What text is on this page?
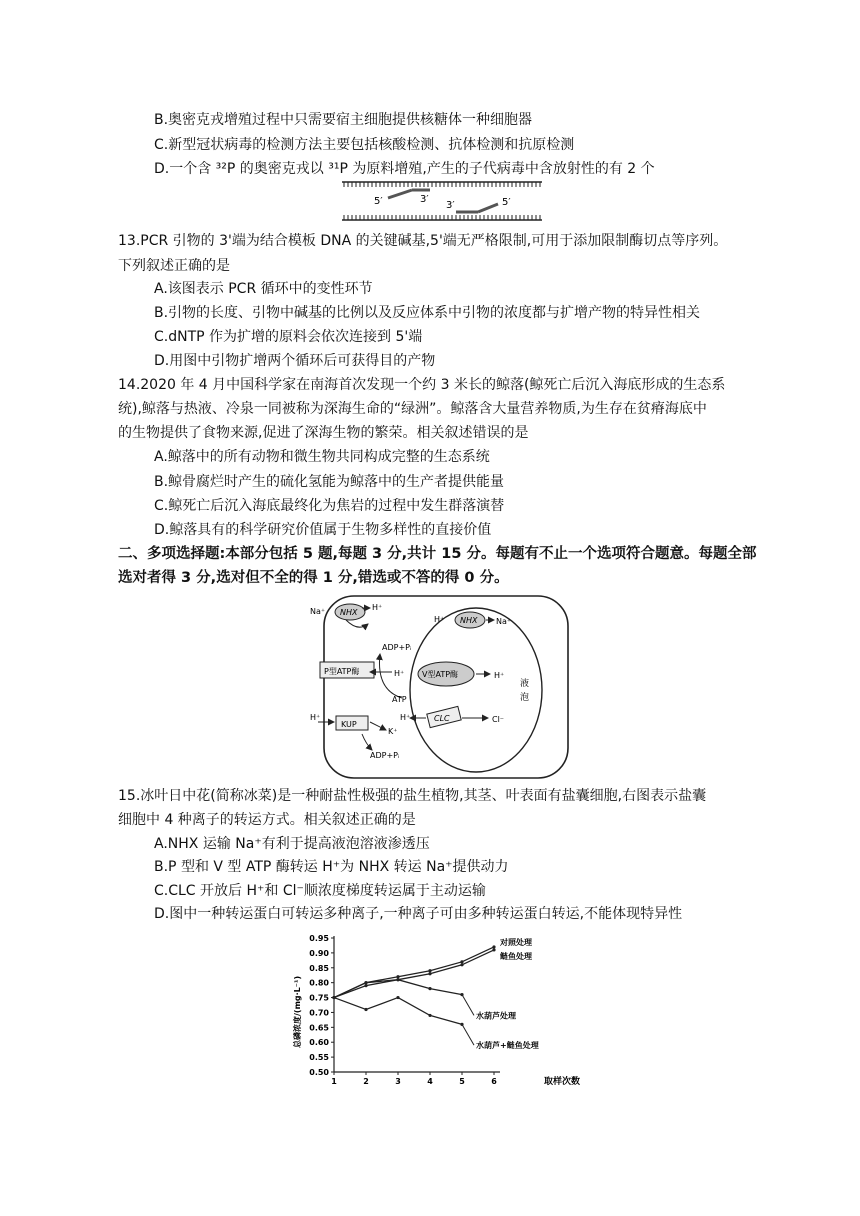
B.奥密克戎增殖过程中只需要宿主细胞提供核糖体一种细胞器
C.新型冠状病毒的检测方法主要包括核酸检测、抗体检测和抗原检测
D.一个含 ³²P 的奥密克戎以 ³¹P 为原料增殖,产生的子代病毒中含放射性的有 2 个
5′	3′
3′	5′
13.PCR 引物的 3'端为结合模板 DNA 的关键碱基,5'端无严格限制,可用于添加限制酶切点等序列。
下列叙述正确的是
A.该图表示 PCR 循环中的变性环节
B.引物的长度、引物中碱基的比例以及反应体系中引物的浓度都与扩增产物的特异性相关
C.dNTP 作为扩增的原料会依次连接到 5'端
D.用图中引物扩增两个循环后可获得目的产物
14.2020 年 4 月中国科学家在南海首次发现一个约 3 米长的鲸落(鲸死亡后沉入海底形成的生态系
统),鲸落与热液、冷泉一同被称为深海生命的“绿洲”。鲸落含大量营养物质,为生存在贫瘠海底中
的生物提供了食物来源,促进了深海生物的繁荣。相关叙述错误的是
A.鲸落中的所有动物和微生物共同构成完整的生态系统
B.鲸骨腐烂时产生的硫化氢能为鲸落中的生产者提供能量
C.鲸死亡后沉入海底最终化为焦岩的过程中发生群落演替
D.鲸落具有的科学研究价值属于生物多样性的直接价值
二、多项选择题:本部分包括 5 题,每题 3 分,共计 15 分。每题有不止一个选项符合题意。每题全部
选对者得 3 分,选对但不全的得 1 分,错选或不答的得 0 分。
NHX
Na⁺	H⁺
NHX
H⁺	Na⁺
ADP+Pᵢ
P型ATP酶	H⁺
ATP
V型ATP酶	H⁺
液
泡
H⁺
KUP
K⁺
ADP+Pᵢ
H⁺	CLC	Cl⁻
15.冰叶日中花(简称冰菜)是一种耐盐性极强的盐生植物,其茎、叶表面有盐囊细胞,右图表示盐囊
细胞中 4 种离子的转运方式。相关叙述正确的是
A.NHX 运输 Na⁺有利于提高液泡溶液渗透压
B.P 型和 V 型 ATP 酶转运 H⁺为 NHX 转运 Na⁺提供动力
C.CLC 开放后 H⁺和 Cl⁻顺浓度梯度转运属于主动运输
D.图中一种转运蛋白可转运多种离子,一种离子可由多种转运蛋白转运,不能体现特异性
0.50
0.55
0.60
0.65
0.70
0.75
0.80
0.85
0.90
0.95
1	2	3	4	5	6
对照处理
鲢鱼处理
水葫芦处理
水葫芦+鲢鱼处理
总磷浓度/(mg·L⁻¹)
取样次数
